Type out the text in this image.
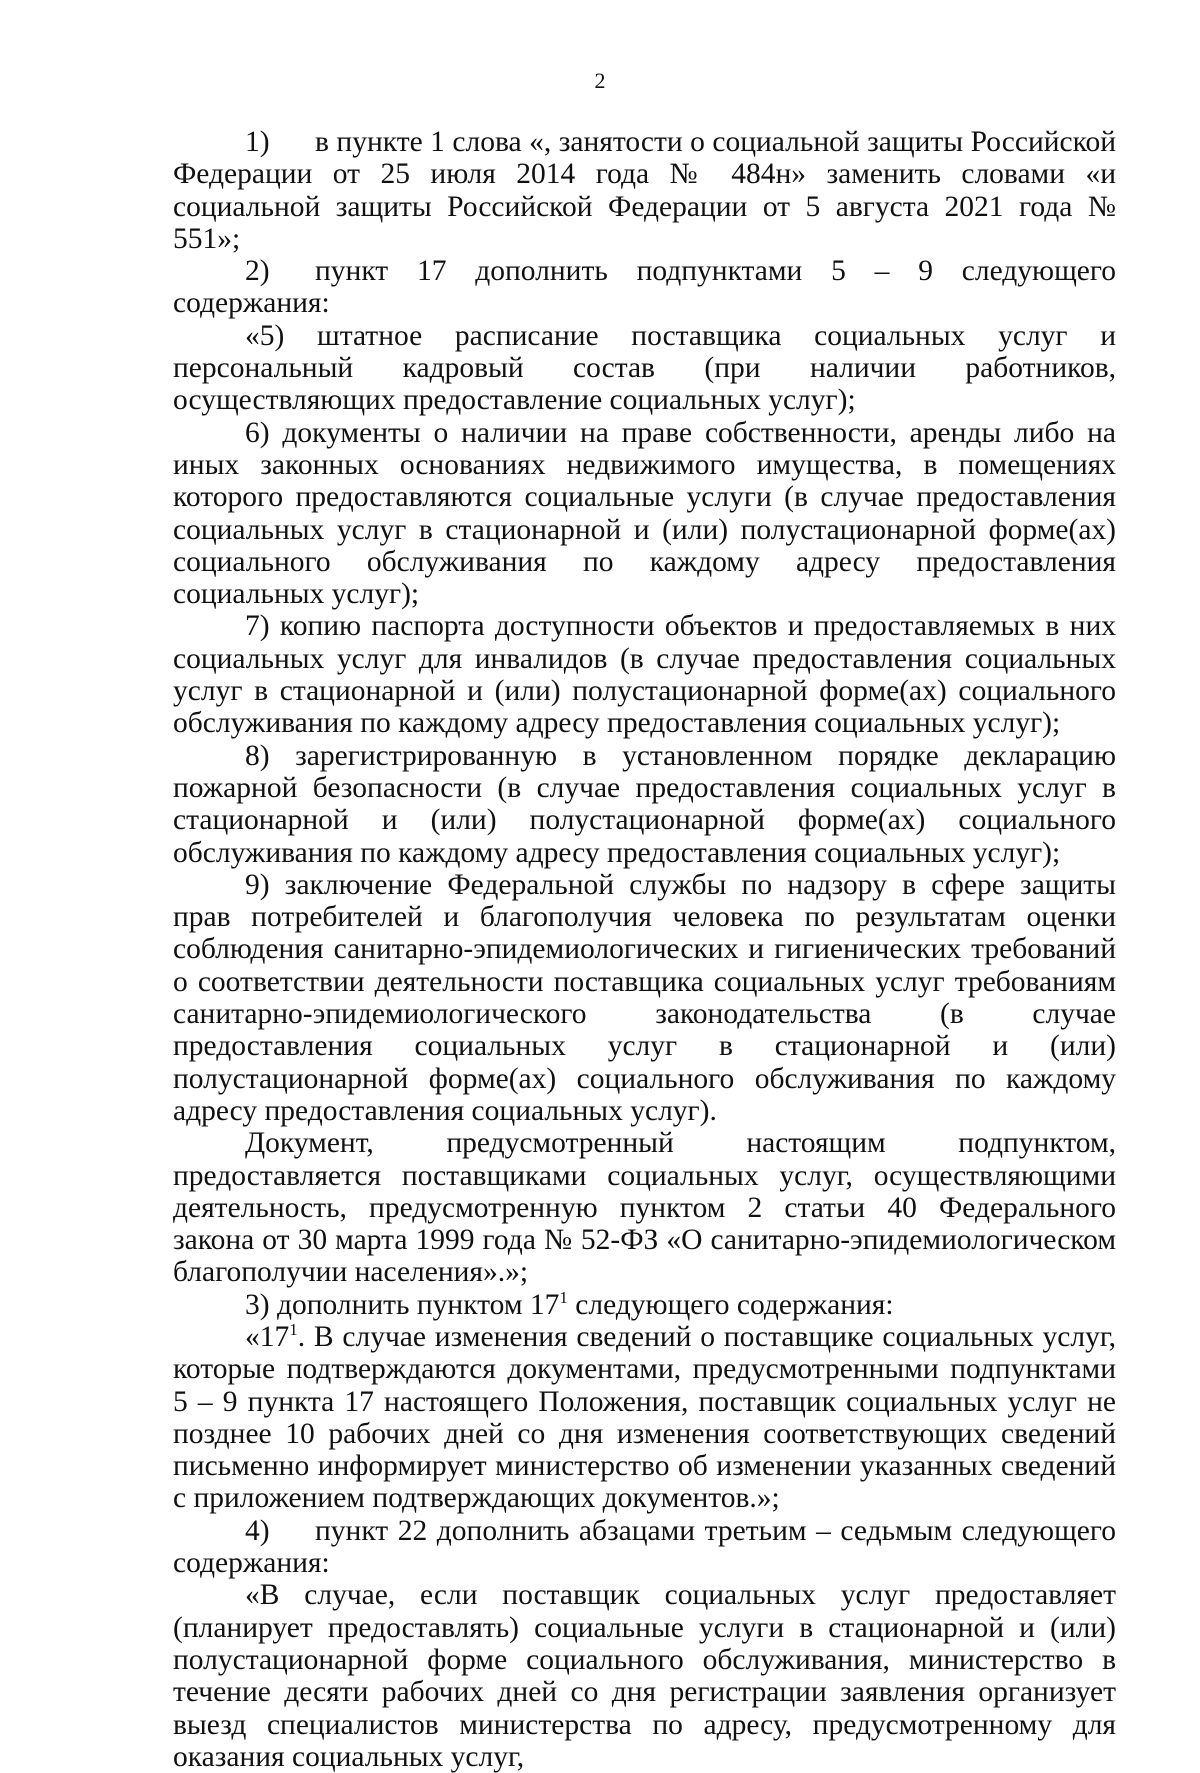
2

1) в пункте 1 слова «, занятости о социальной защиты Российской Федерации от 25 июля 2014 года № 484н» заменить словами «и социальной защиты Российской Федерации от 5 августа 2021 года № 551»;

2) пункт 17 дополнить подпунктами 5 – 9 следующего содержания:

«5) штатное расписание поставщика социальных услуг и персональный кадровый состав (при наличии работников, осуществляющих предоставление социальных услуг);

6) документы о наличии на праве собственности, аренды либо на иных законных основаниях недвижимого имущества, в помещениях которого предоставляются социальные услуги (в случае предоставления социальных услуг в стационарной и (или) полустационарной форме(ах) социального обслуживания по каждому адресу предоставления социальных услуг);

7) копию паспорта доступности объектов и предоставляемых в них социальных услуг для инвалидов (в случае предоставления социальных услуг в стационарной и (или) полустационарной форме(ах) социального обслуживания по каждому адресу предоставления социальных услуг);

8) зарегистрированную в установленном порядке декларацию пожарной безопасности (в случае предоставления социальных услуг в стационарной и (или) полустационарной форме(ах) социального обслуживания по каждому адресу предоставления социальных услуг);

9) заключение Федеральной службы по надзору в сфере защиты прав потребителей и благополучия человека по результатам оценки соблюдения санитарно-эпидемиологических и гигиенических требований о соответствии деятельности поставщика социальных услуг требованиям санитарно-эпидемиологического законодательства (в случае предоставления социальных услуг в стационарной и (или) полустационарной форме(ах) социального обслуживания по каждому адресу предоставления социальных услуг).

Документ, предусмотренный настоящим подпунктом, предоставляется поставщиками социальных услуг, осуществляющими деятельность, предусмотренную пунктом 2 статьи 40 Федерального закона от 30 марта 1999 года № 52-ФЗ «О санитарно-эпидемиологическом благополучии населения».»;

3) дополнить пунктом $17^1$ следующего содержания:

«$17^1$. В случае изменения сведений о поставщике социальных услуг, которые подтверждаются документами, предусмотренными подпунктами 5 – 9 пункта 17 настоящего Положения, поставщик социальных услуг не позднее 10 рабочих дней со дня изменения соответствующих сведений письменно информирует министерство об изменении указанных сведений с приложением подтверждающих документов.»;

4) пункт 22 дополнить абзацами третьим – седьмым следующего содержания:

«В случае, если поставщик социальных услуг предоставляет (планирует предоставлять) социальные услуги в стационарной и (или) полустационарной форме социального обслуживания, министерство в течение десяти рабочих дней со дня регистрации заявления организует выезд специалистов министерства по адресу, предусмотренному для оказания социальных услуг,
